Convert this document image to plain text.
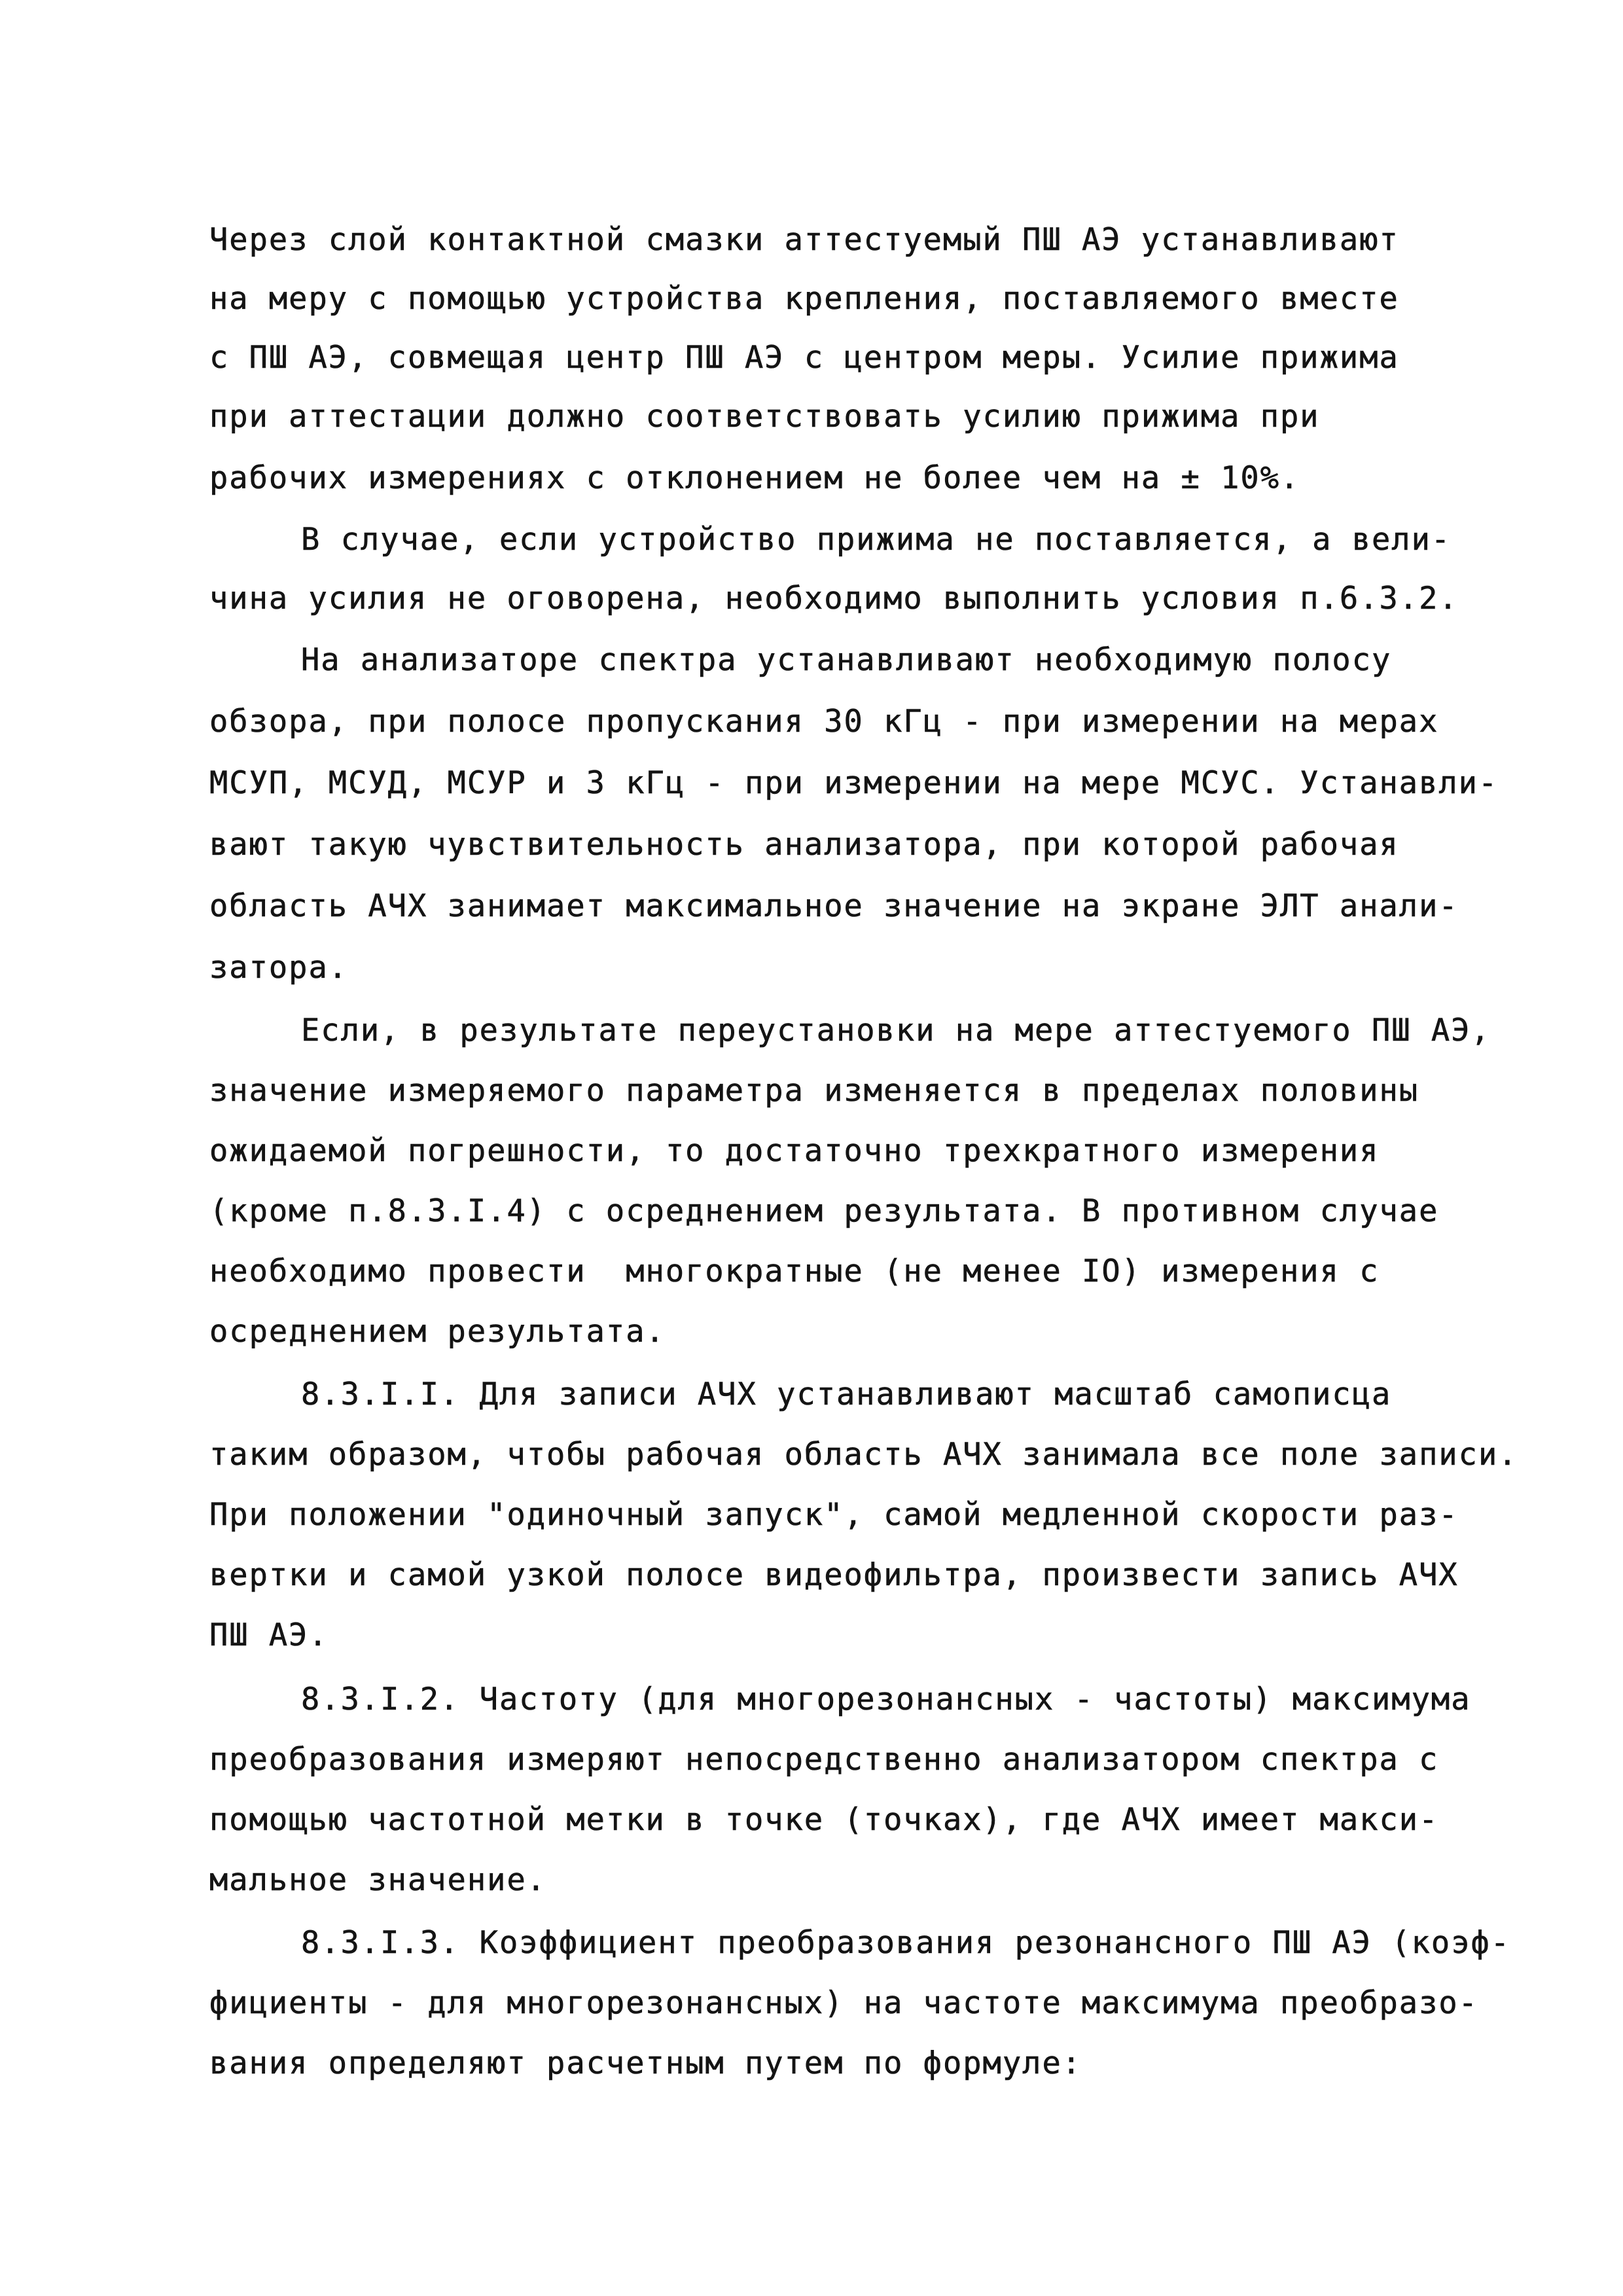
Через слой контактной смазки аттестуемый ПШ АЭ устанавливают
на меру с помощью устройства крепления, поставляемого вместе
с ПШ АЭ, совмещая центр ПШ АЭ с центром меры. Усилие прижима
при аттестации должно соответствовать усилию прижима при
рабочих измерениях с отклонением не более чем на ± 10%.
В случае, если устройство прижима не поставляется, а вели-
чина усилия не оговорена, необходимо выполнить условия п.6.3.2.
На анализаторе спектра устанавливают необходимую полосу
обзора, при полосе пропускания 30 кГц - при измерении на мерах
МСУП, МСУД, МСУР и 3 кГц - при измерении на мере МСУС. Устанавли-
вают такую чувствительность анализатора, при которой рабочая
область АЧХ занимает максимальное значение на экране ЭЛТ анали-
затора.
Если, в результате переустановки на мере аттестуемого ПШ АЭ,
значение измеряемого параметра изменяется в пределах половины
ожидаемой погрешности, то достаточно трехкратного измерения
(кроме п.8.3.I.4) с осреднением результата. В противном случае
необходимо провести  многократные (не менее IO) измерения с
осреднением результата.
8.3.I.I. Для записи АЧХ устанавливают масштаб самописца
таким образом, чтобы рабочая область АЧХ занимала все поле записи.
При положении "одиночный запуск", самой медленной скорости раз-
вертки и самой узкой полосе видеофильтра, произвести запись АЧХ
ПШ АЭ.
8.3.I.2. Частоту (для многорезонансных - частоты) максимума
преобразования измеряют непосредственно анализатором спектра с
помощью частотной метки в точке (точках), где АЧХ имеет макси-
мальное значение.
8.3.I.3. Коэффициент преобразования резонансного ПШ АЭ (коэф-
фициенты - для многорезонансных) на частоте максимума преобразо-
вания определяют расчетным путем по формуле:
